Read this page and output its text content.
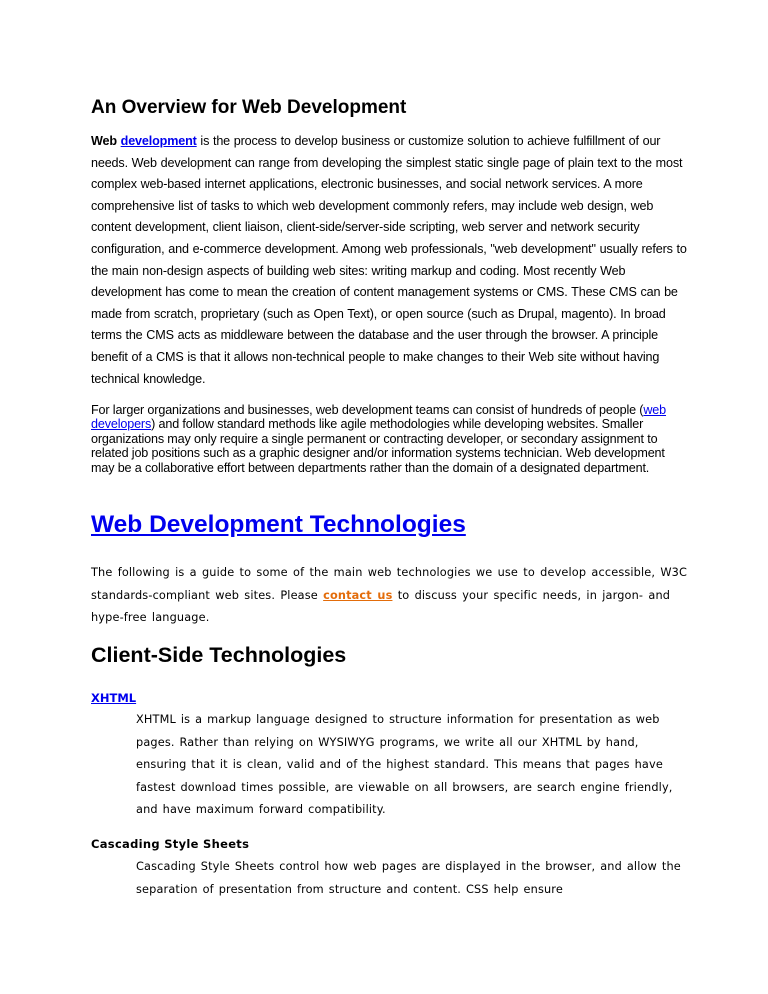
An Overview for Web Development

Web development is the process to develop business or customize solution to achieve fulfillment of our needs. Web development can range from developing the simplest static single page of plain text to the most complex web-based internet applications, electronic businesses, and social network services. A more comprehensive list of tasks to which web development commonly refers, may include web design, web content development, client liaison, client-side/server-side scripting, web server and network security configuration, and e-commerce development. Among web professionals, "web development" usually refers to the main non-design aspects of building web sites: writing markup and coding. Most recently Web development has come to mean the creation of content management systems or CMS. These CMS can be made from scratch, proprietary (such as Open Text), or open source (such as Drupal, magento). In broad terms the CMS acts as middleware between the database and the user through the browser. A principle benefit of a CMS is that it allows non-technical people to make changes to their Web site without having technical knowledge.

For larger organizations and businesses, web development teams can consist of hundreds of people (web developers) and follow standard methods like agile methodologies while developing websites. Smaller organizations may only require a single permanent or contracting developer, or secondary assignment to related job positions such as a graphic designer and/or information systems technician. Web development may be a collaborative effort between departments rather than the domain of a designated department.

Web Development Technologies

The following is a guide to some of the main web technologies we use to develop accessible, W3C standards-compliant web sites. Please contact us to discuss your specific needs, in jargon- and hype-free language.

Client-Side Technologies

XHTML

XHTML is a markup language designed to structure information for presentation as web pages. Rather than relying on WYSIWYG programs, we write all our XHTML by hand, ensuring that it is clean, valid and of the highest standard. This means that pages have fastest download times possible, are viewable on all browsers, are search engine friendly, and have maximum forward compatibility.

Cascading Style Sheets

Cascading Style Sheets control how web pages are displayed in the browser, and allow the separation of presentation from structure and content. CSS help ensure
